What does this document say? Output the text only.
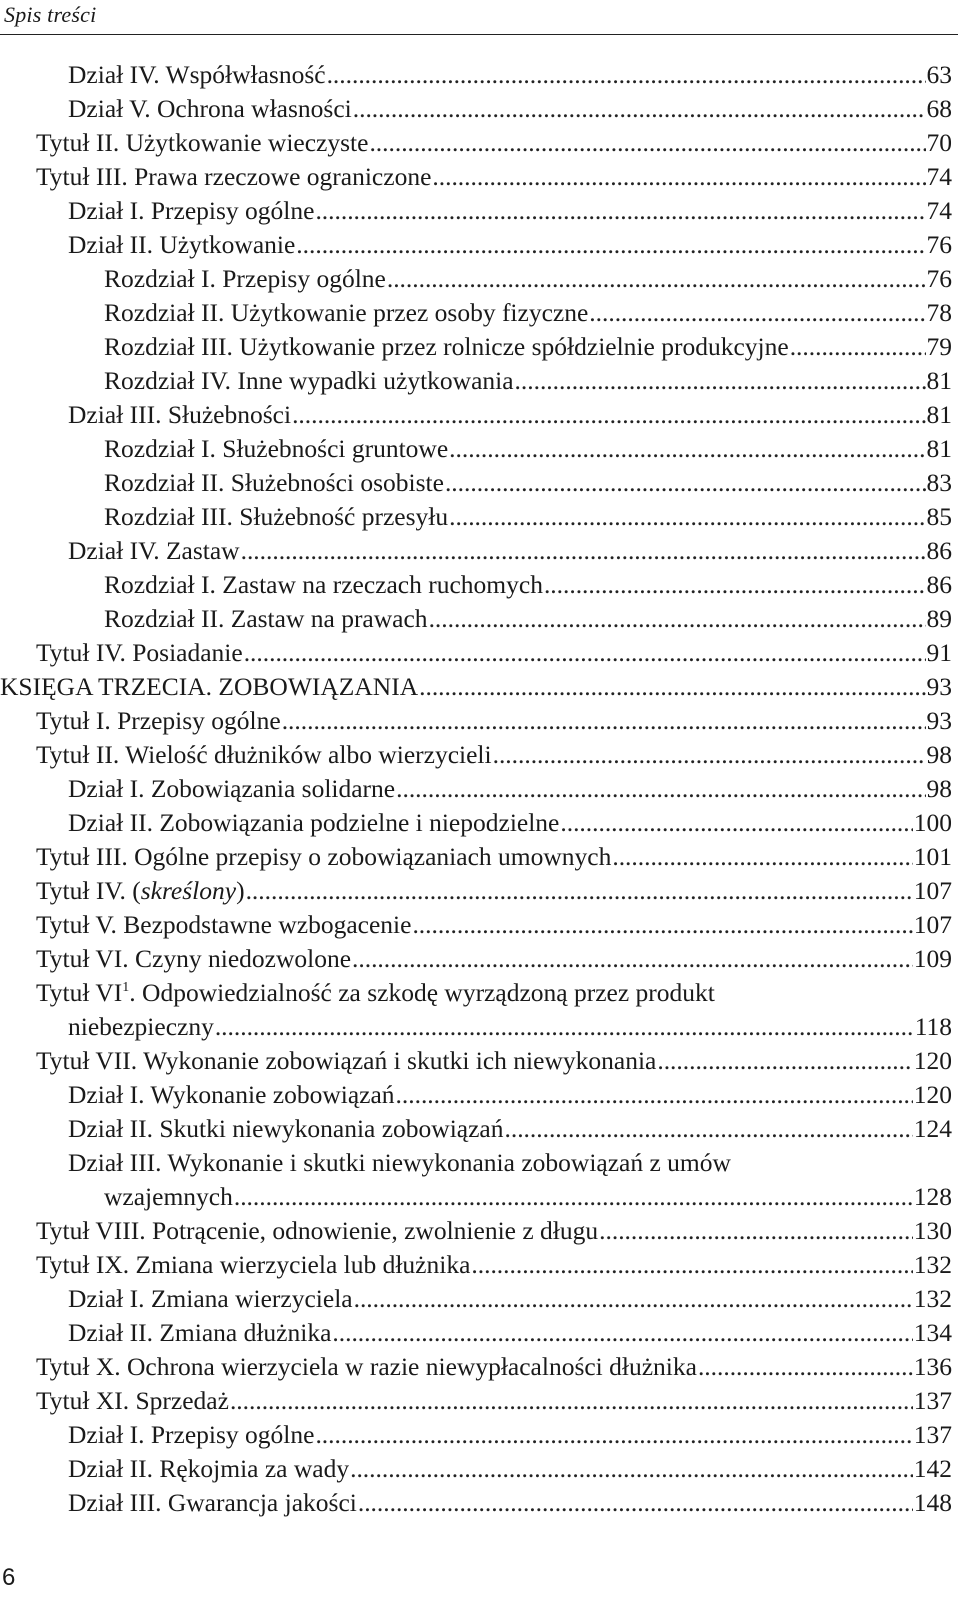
Spis treści
Dział IV. Współwłasność . . .	63
Dział V. Ochrona własności . . .	68
Tytuł II. Użytkowanie wieczyste . . .	70
Tytuł III. Prawa rzeczowe ograniczone . . .	74
Dział I. Przepisy ogólne . . .	74
Dział II. Użytkowanie . . .	76
Rozdział I. Przepisy ogólne . . .	76
Rozdział II. Użytkowanie przez osoby fizyczne . . .	78
Rozdział III. Użytkowanie przez rolnicze spółdzielnie produkcyjne . . .	79
Rozdział IV. Inne wypadki użytkowania . . .	81
Dział III. Służebności . . .	81
Rozdział I. Służebności gruntowe . . .	81
Rozdział II. Służebności osobiste . . .	83
Rozdział III. Służebność przesyłu . . .	85
Dział IV. Zastaw . . .	86
Rozdział I. Zastaw na rzeczach ruchomych . . .	86
Rozdział II. Zastaw na prawach . . .	89
Tytuł IV. Posiadanie . . .	91
KSIĘGA TRZECIA. ZOBOWIĄZANIA . . .	93
Tytuł I. Przepisy ogólne . . .	93
Tytuł II. Wielość dłużników albo wierzycieli . . .	98
Dział I. Zobowiązania solidarne . . .	98
Dział II. Zobowiązania podzielne i niepodzielne . . .	100
Tytuł III. Ogólne przepisy o zobowiązaniach umownych . . .	101
Tytuł IV. (skreślony) . . .	107
Tytuł V. Bezpodstawne wzbogacenie . . .	107
Tytuł VI. Czyny niedozwolone . . .	109
Tytuł $VI^1$. Odpowiedzialność za szkodę wyrządzoną przez produkt
niebezpieczny . . .	118
Tytuł VII. Wykonanie zobowiązań i skutki ich niewykonania . . .	120
Dział I. Wykonanie zobowiązań . . .	120
Dział II. Skutki niewykonania zobowiązań . . .	124
Dział III. Wykonanie i skutki niewykonania zobowiązań z umów
wzajemnych . . .	128
Tytuł VIII. Potrącenie, odnowienie, zwolnienie z długu . . .	130
Tytuł IX. Zmiana wierzyciela lub dłużnika . . .	132
Dział I. Zmiana wierzyciela . . .	132
Dział II. Zmiana dłużnika . . .	134
Tytuł X. Ochrona wierzyciela w razie niewypłacalności dłużnika . . .	136
Tytuł XI. Sprzedaż . . .	137
Dział I. Przepisy ogólne . . .	137
Dział II. Rękojmia za wady . . .	142
Dział III. Gwarancja jakości . . .	148
6
